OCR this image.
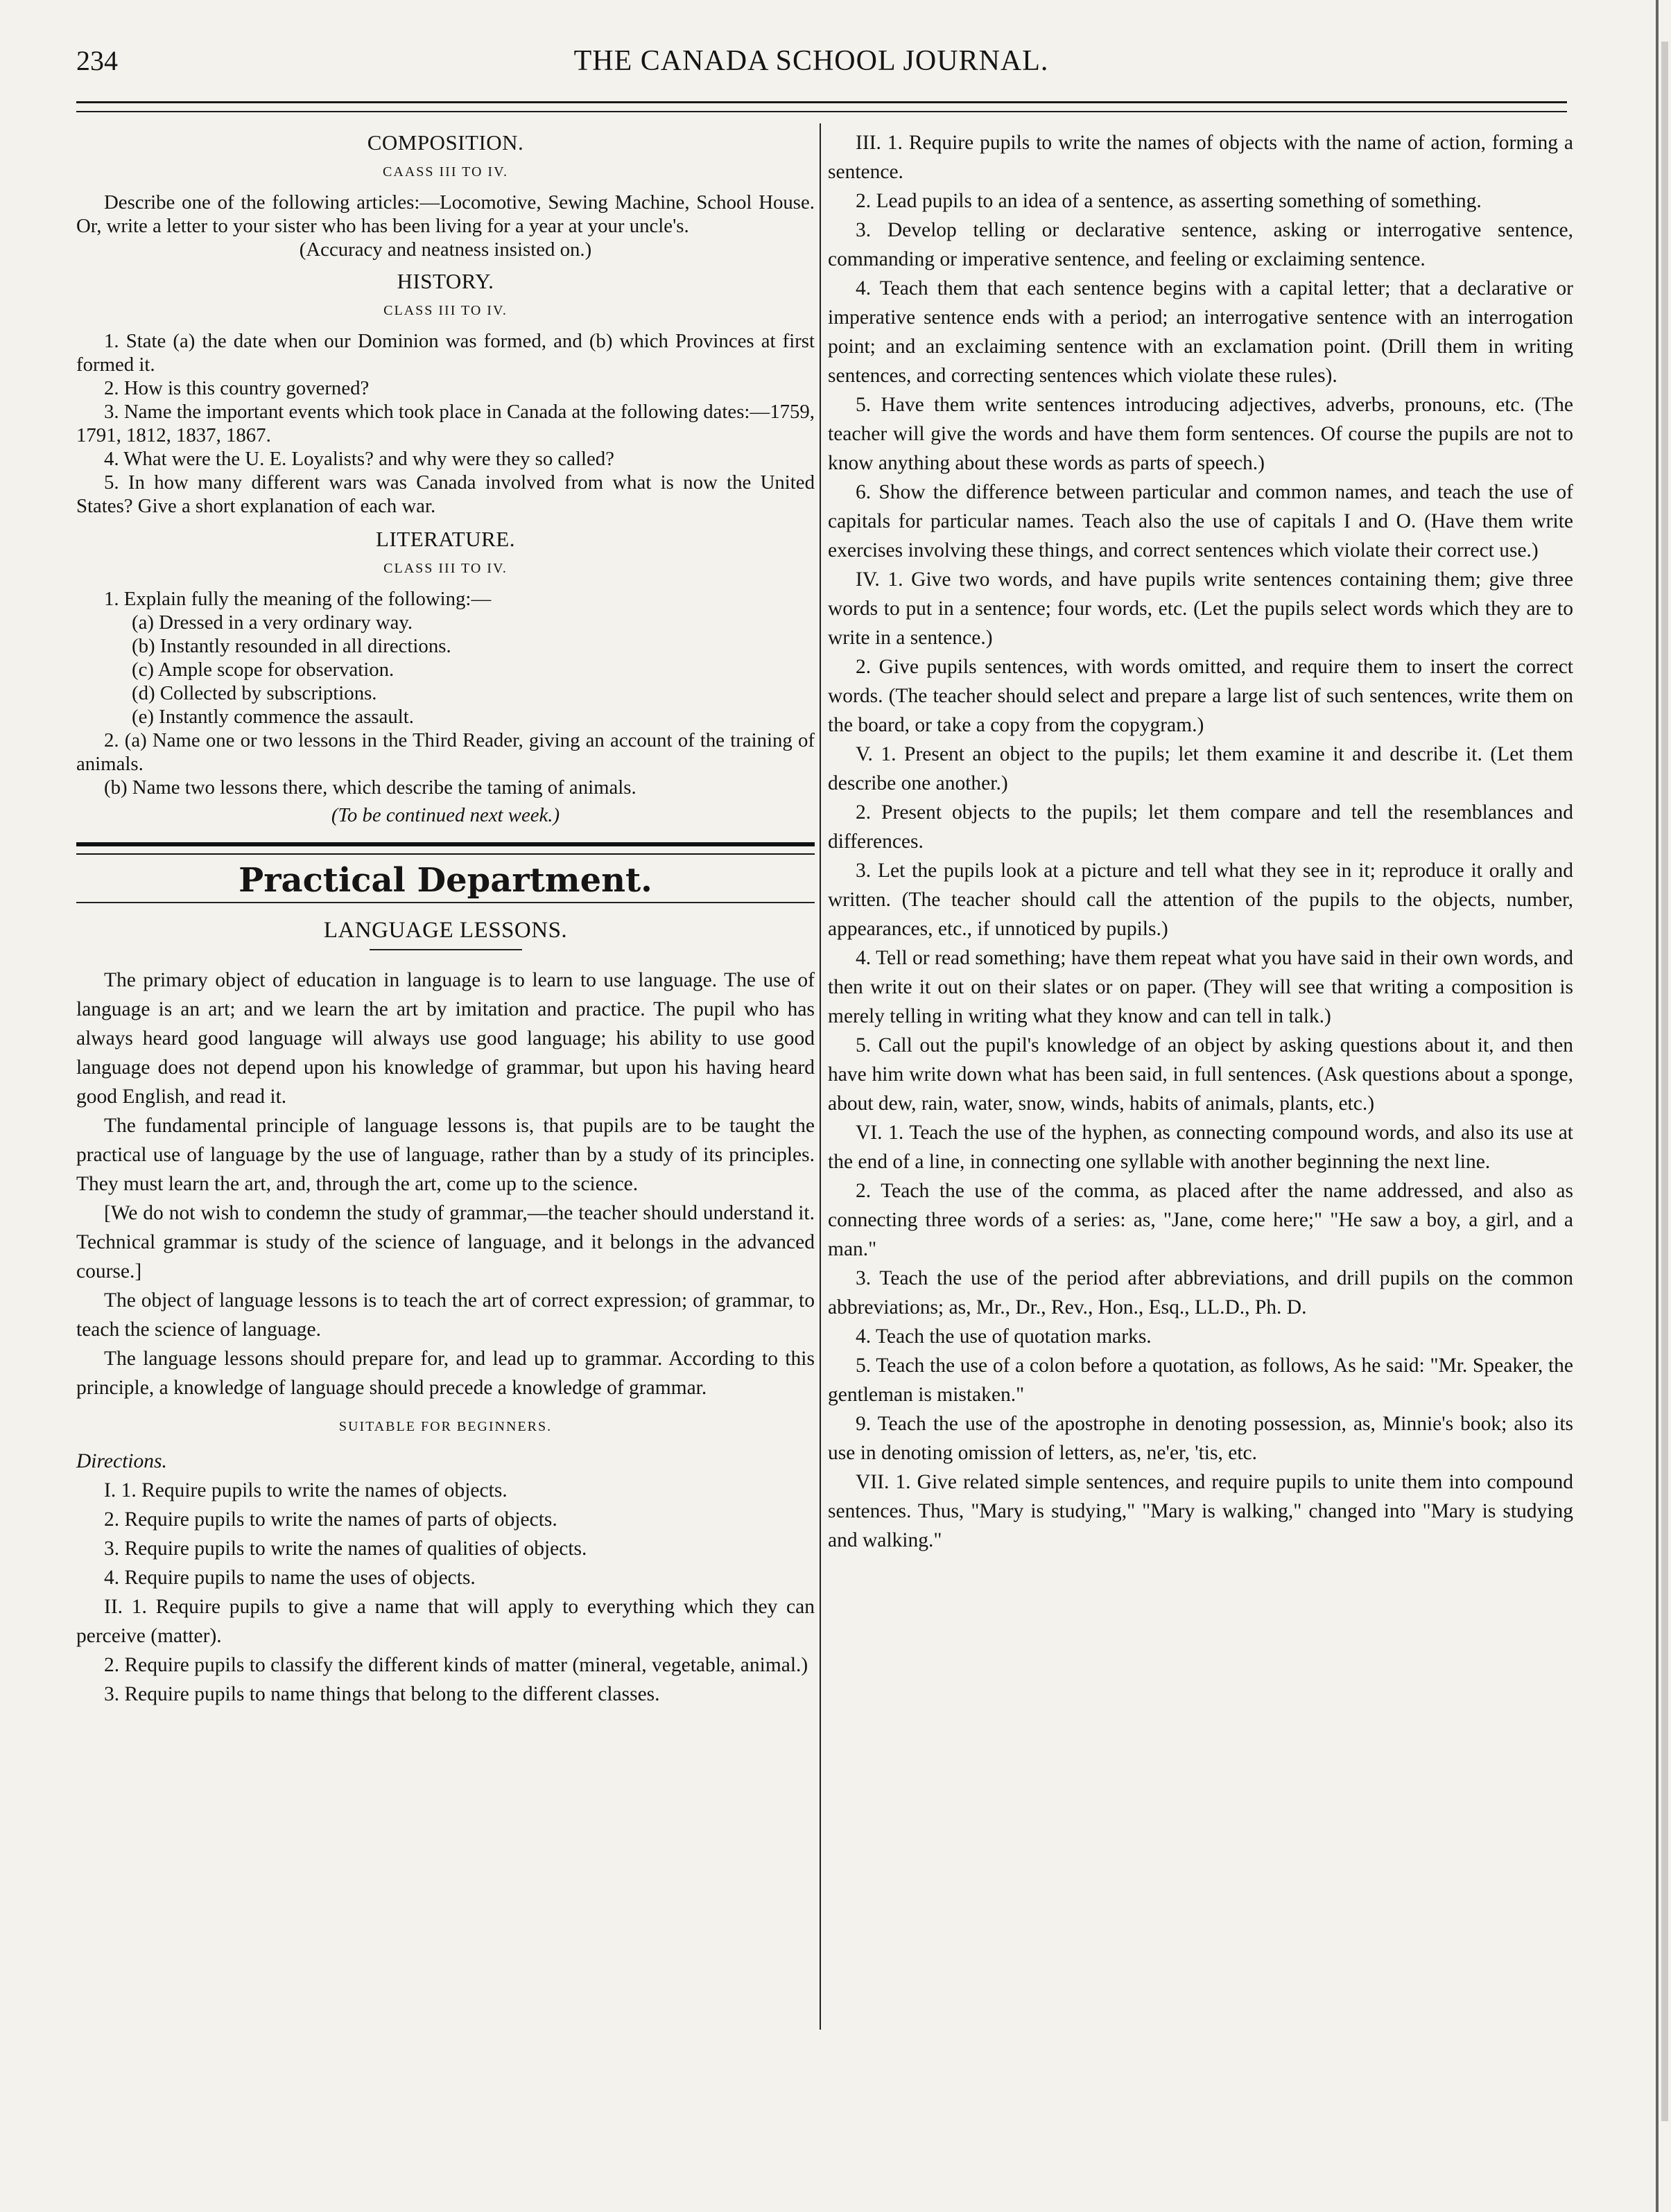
234	THE CANADA SCHOOL JOURNAL.
COMPOSITION.
CAASS III TO IV.

Describe one of the following articles:—Locomotive, Sewing Machine, School House. Or, write a letter to your sister who has been living for a year at your uncle's.

(Accuracy and neatness insisted on.)

HISTORY.
CLASS III TO IV.

1. State (a) the date when our Dominion was formed, and (b) which Provinces at first formed it.

2. How is this country governed?

3. Name the important events which took place in Canada at the following dates:—1759, 1791, 1812, 1837, 1867.

4. What were the U. E. Loyalists? and why were they so called?

5. In how many different wars was Canada involved from what is now the United States? Give a short explanation of each war.

LITERATURE.
CLASS III TO IV.

1. Explain fully the meaning of the following:—

(a) Dressed in a very ordinary way.

(b) Instantly resounded in all directions.

(c) Ample scope for observation.

(d) Collected by subscriptions.

(e) Instantly commence the assault.

2. (a) Name one or two lessons in the Third Reader, giving an account of the training of animals.

(b) Name two lessons there, which describe the taming of animals.

(To be continued next week.)

Practical Department.
LANGUAGE LESSONS.

The primary object of education in language is to learn to use language. The use of language is an art; and we learn the art by imitation and practice. The pupil who has always heard good language will always use good language; his ability to use good language does not depend upon his knowledge of grammar, but upon his having heard good English, and read it.

The fundamental principle of language lessons is, that pupils are to be taught the practical use of language by the use of language, rather than by a study of its principles. They must learn the art, and, through the art, come up to the science.

[We do not wish to condemn the study of grammar,—the teacher should understand it. Technical grammar is study of the science of language, and it belongs in the advanced course.]

The object of language lessons is to teach the art of correct expression; of grammar, to teach the science of language.

The language lessons should prepare for, and lead up to grammar. According to this principle, a knowledge of language should precede a knowledge of grammar.

SUITABLE FOR BEGINNERS.

Directions.

I. 1. Require pupils to write the names of objects.

2. Require pupils to write the names of parts of objects.

3. Require pupils to write the names of qualities of objects.

4. Require pupils to name the uses of objects.

II. 1. Require pupils to give a name that will apply to everything which they can perceive (matter).

2. Require pupils to classify the different kinds of matter (mineral, vegetable, animal.)

3. Require pupils to name things that belong to the different classes.

III. 1. Require pupils to write the names of objects with the name of action, forming a sentence.

2. Lead pupils to an idea of a sentence, as asserting something of something.

3. Develop telling or declarative sentence, asking or interrogative sentence, commanding or imperative sentence, and feeling or exclaiming sentence.

4. Teach them that each sentence begins with a capital letter; that a declarative or imperative sentence ends with a period; an interrogative sentence with an interrogation point; and an exclaiming sentence with an exclamation point. (Drill them in writing sentences, and correcting sentences which violate these rules).

5. Have them write sentences introducing adjectives, adverbs, pronouns, etc. (The teacher will give the words and have them form sentences. Of course the pupils are not to know anything about these words as parts of speech.)

6. Show the difference between particular and common names, and teach the use of capitals for particular names. Teach also the use of capitals I and O. (Have them write exercises involving these things, and correct sentences which violate their correct use.)

IV. 1. Give two words, and have pupils write sentences containing them; give three words to put in a sentence; four words, etc. (Let the pupils select words which they are to write in a sentence.)

2. Give pupils sentences, with words omitted, and require them to insert the correct words. (The teacher should select and prepare a large list of such sentences, write them on the board, or take a copy from the copygram.)

V. 1. Present an object to the pupils; let them examine it and describe it. (Let them describe one another.)

2. Present objects to the pupils; let them compare and tell the resemblances and differences.

3. Let the pupils look at a picture and tell what they see in it; reproduce it orally and written. (The teacher should call the attention of the pupils to the objects, number, appearances, etc., if unnoticed by pupils.)

4. Tell or read something; have them repeat what you have said in their own words, and then write it out on their slates or on paper. (They will see that writing a composition is merely telling in writing what they know and can tell in talk.)

5. Call out the pupil's knowledge of an object by asking questions about it, and then have him write down what has been said, in full sentences. (Ask questions about a sponge, about dew, rain, water, snow, winds, habits of animals, plants, etc.)

VI. 1. Teach the use of the hyphen, as connecting compound words, and also its use at the end of a line, in connecting one syllable with another beginning the next line.

2. Teach the use of the comma, as placed after the name addressed, and also as connecting three words of a series: as, "Jane, come here;" "He saw a boy, a girl, and a man."

3. Teach the use of the period after abbreviations, and drill pupils on the common abbreviations; as, Mr., Dr., Rev., Hon., Esq., LL.D., Ph. D.

4. Teach the use of quotation marks.

5. Teach the use of a colon before a quotation, as follows, As he said: "Mr. Speaker, the gentleman is mistaken."

9. Teach the use of the apostrophe in denoting possession, as, Minnie's book; also its use in denoting omission of letters, as, ne'er, 'tis, etc.

VII. 1. Give related simple sentences, and require pupils to unite them into compound sentences. Thus, "Mary is studying," "Mary is walking," changed into "Mary is studying and walking."
